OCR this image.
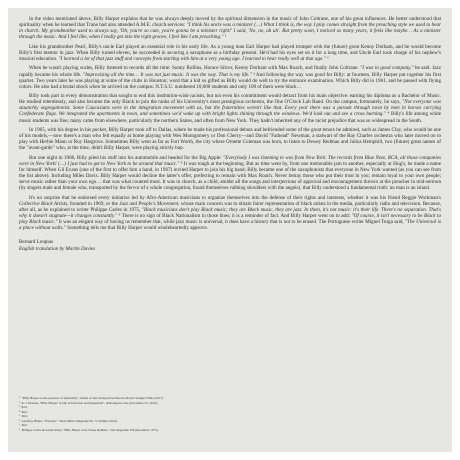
In the video mentioned above, Billy Harper explains that he was always deeply moved by the spiritual dimension in the music of John Coltrane, one of his great influences. He better understood that spirituality when he learned that Trane had also attended A.M.E. church services: "I think his uncle was a minister (…) What I think is, the way I play comes straight from the preaching style we used to hear in church. My grandmother used to always say, 'Oh, you're so cute, you're gonna be a minister right!' I said, 'No, no, uh uh'. But pretty soon, I noticed so many years, it feels like maybe… As a minister through the music. And I feel like, when I really get into the right groove, I feel like I am preaching." ¹

Like his grandmother Pearl, Billy's uncle Earl played an essential role in his early life. As a young man Earl Harper had played trumpet with the (future) great Kenny Dorham, and he would become Billy's first mentor in jazz. When Billy turned eleven, he succeeded in securing a saxophone as a birthday present. He'd had his eyes set on it for a long time, and Uncle Earl took charge of his nephew's musical education. "I learned a lot of that jazz stuff and concepts from starting with him at a very young age. I learned to hear really well at that age." ²

When he wasn't playing scales, Billy listened to records all the time: Sonny Rollins, Horace Silver, Kenny Dorham with Max Roach, and finally John Coltrane. "I was in good company," he said. Jazz rapidly became his whole life. "Improvising all the time… It was not just music. It was the way. That is my life." ³ And following the way was good for Billy: at fourteen, Billy Harper put together his first quartet. Two years later he was playing at some of the clubs in Houston; word that a kid so gifted as Billy would do well to try the entrance examination. Which Billy did in 1961, and he passed with flying colors. He also had a brutal shock when he arrived on the campus: N.T.S.U. numbered 10,000 students and only 100 of them were black…

Billy took part in every demonstration that sought to end this institution-wide racism, but not even his commitment would detract from his main objective: earning his diploma as a Bachelor of Music. He studied relentlessly, and also became the only Black to join the ranks of his University's most prestigious orchestra, the One O'Clock Lab Band. On the campus, fortunately, he says, "Not everyone was staunchly segregationist. Some Caucasians were in the integration movement with us, but the fraternities weren't like that. Every year there was a parade through town by men in horses carrying Confederate flags. We integrated the apartments in town, and sometimes we'd wake up with bright lights shining through the windows. We'd look out and see a cross burning." ⁴ Billy's life among white music students was fine; many came from elsewhere, particularly the northern States, and often from New York. They hadn't inherited any of the racist prejudice that was so widespread in the South.

In 1965, with his degree in his pocket, Billy Harper took off to Dallas, where he made his professional debuts and befriended some of the great tenors he admired, such as James Clay, who would be one of his models,—now there's a man who felt equally at home playing with Wes Montgomery or Don Cherry—and David "Fathead" Newman, a stalwart of the Ray Charles orchestra who later moved on to play with Herbie Mann or Roy Hargrove. Sometimes Billy went as far as Fort Worth, the city where Ornette Coleman was born, to listen to Dewey Redman and Julius Hemphill, two (future) great names of the "avant-garde" who, at the time, didn't Billy Harper, were playing strictly bop.

But one night in 1966, Billy piled his stuff into his automobile and headed for the Big Apple: "Everybody I was listening to was from New York. The records from Blue Note, RCA, all those companies were in New York! (…) I just had to get to New York to be around that music." ⁵ It was tough at the beginning. But as time went by, from one memorable jam to another, especially at Slug's, he made a name for himself. When Gil Evans (one of the first to offer him a hand, in 1967) invited Harper to join his big band, Billy became one of the saxophonists that everyone in New York wanted (as you can see from the list above). Including Miles Davis. Billy Harper would decline the latter's offer, preferring to remain with Max Roach. Never betray those who put their trust in you; remain loyal to your own people; serve music rather than your own ego… that was what counted most. It was in church, as a child, amidst all the songs and interjections of approval and encouragement thrown at the preacher in mid-sermon (by singers male and female who, transported by the fervor of a whole congregation, found themselves rubbing shoulders with the angels), that Billy understood a fundamental truth: no man is an island.

It's no surprise that he endorsed every initiative led by Afro-American musicians to organize themselves into the defense of their rights and interests, whether it was his friend Reggie Workman's Collective Black Artists, founded in 1969, or the Jazz and People's Movement, whose main concern was to obtain fairer representation of black artists in the media, particularly radio and television. Because, after all, as he explained to writer Philippe Carles in 1975, "Black musicians don't play Black music; they are Black music, they are jazz. In them, it's not music: it's their life. There's no separation. That's why it doesn't stagnate—it changes constantly." ⁶ There is no sign of Black Nationalism in those lines; it is a reminder of fact. And Billy Harper went on to add: "Of course, it isn't necessary to be Black to play Black music." It was an elegant way of having us remember that, while jazz music is universal, it does have a history that is not to be erased. The Portuguese writer Miguel Torga said, "The Universal is a place without walls." Something tells me that Billy Harper would wholeheartedly approve.

Bernard Loupias
English translation by Martin Davies
¹ "Billy Harper on the presence of spirituality", theme of Jazz Perspectives/Inward, Robert Wagner Films (2017).
² R. J. DeLuke, "Billy Harper: A Life of Devotion and Inspiration", allaboutjazz.com, (November 25, 2016).
³ Ibid.
⁴ Ibid.
⁵ Ibid.
⁵ Geoffrey Himes, "Preacher", Texas Music Magazine No. 57 (Winter 2014).
⁶ Ibid.
⁶ Philippe Carles & Gérard Rouy, "Billy Harper en le Faune mathieu", Jazz Magazine 239 (December 1975).
